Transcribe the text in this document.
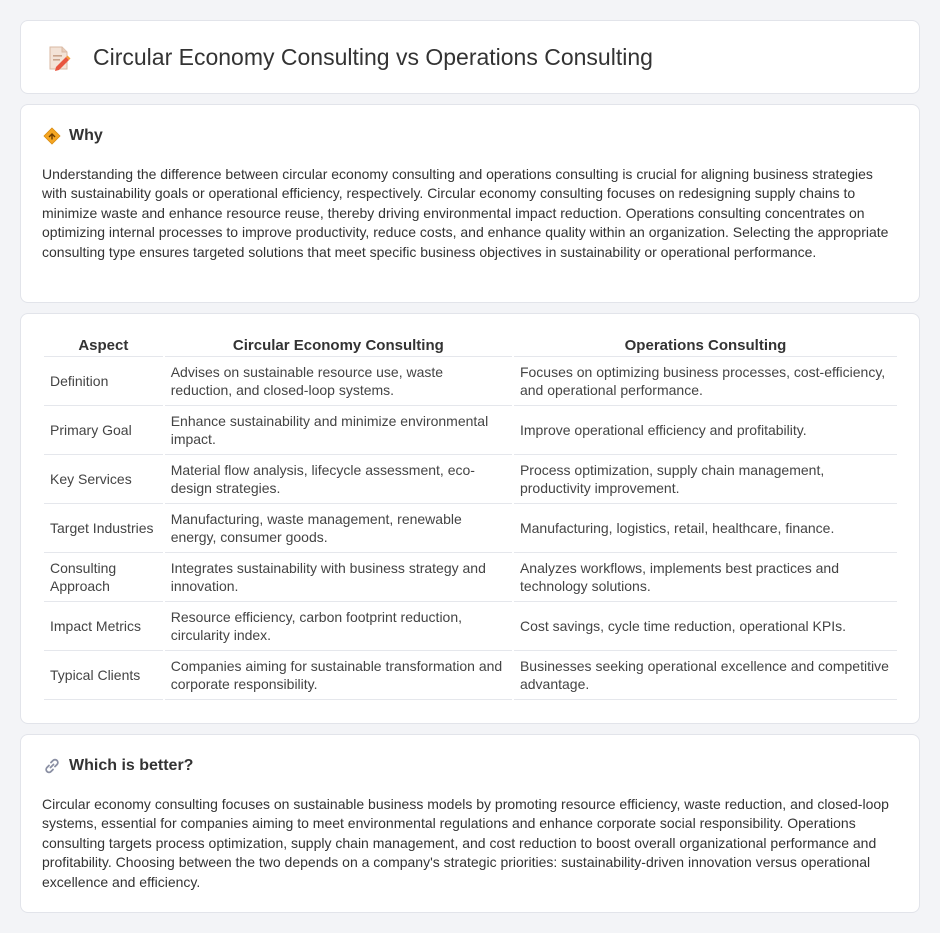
Circular Economy Consulting vs Operations Consulting
Why

Understanding the difference between circular economy consulting and operations consulting is crucial for aligning business strategies with sustainability goals or operational efficiency, respectively. Circular economy consulting focuses on redesigning supply chains to minimize waste and enhance resource reuse, thereby driving environmental impact reduction. Operations consulting concentrates on optimizing internal processes to improve productivity, reduce costs, and enhance quality within an organization. Selecting the appropriate consulting type ensures targeted solutions that meet specific business objectives in sustainability or operational performance.

Aspect	Circular Economy Consulting	Operations Consulting
Definition	Advises on sustainable resource use, waste reduction, and closed-loop systems.	Focuses on optimizing business processes, cost-efficiency, and operational performance.
Primary Goal	Enhance sustainability and minimize environmental impact.	Improve operational efficiency and profitability.
Key Services	Material flow analysis, lifecycle assessment, eco-design strategies.	Process optimization, supply chain management, productivity improvement.
Target Industries	Manufacturing, waste management, renewable energy, consumer goods.	Manufacturing, logistics, retail, healthcare, finance.
Consulting Approach	Integrates sustainability with business strategy and innovation.	Analyzes workflows, implements best practices and technology solutions.
Impact Metrics	Resource efficiency, carbon footprint reduction, circularity index.	Cost savings, cycle time reduction, operational KPIs.
Typical Clients	Companies aiming for sustainable transformation and corporate responsibility.	Businesses seeking operational excellence and competitive advantage.
Which is better?

Circular economy consulting focuses on sustainable business models by promoting resource efficiency, waste reduction, and closed-loop systems, essential for companies aiming to meet environmental regulations and enhance corporate social responsibility. Operations consulting targets process optimization, supply chain management, and cost reduction to boost overall organizational performance and profitability. Choosing between the two depends on a company's strategic priorities: sustainability-driven innovation versus operational excellence and efficiency.
